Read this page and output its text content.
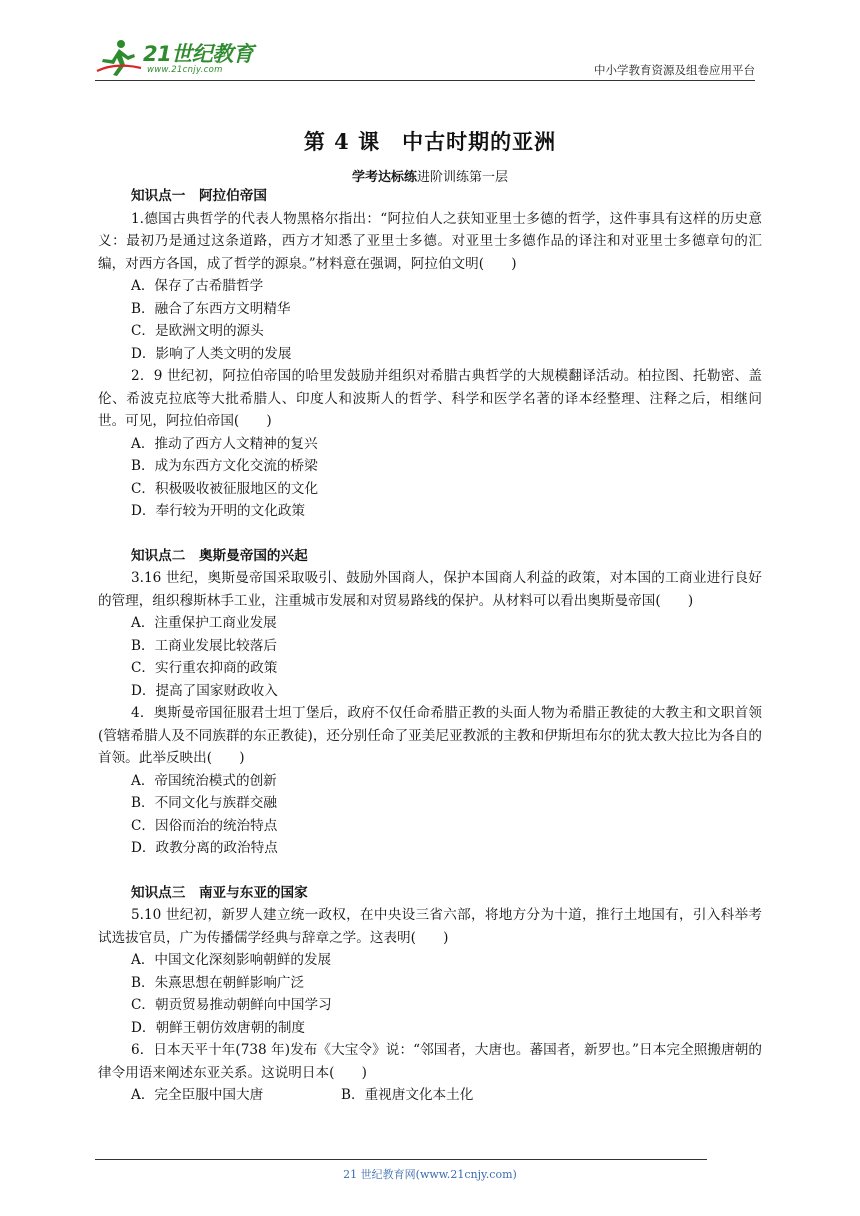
21世纪教育
www.21cnjy.com	中小学教育资源及组卷应用平台
第 4 课　中古时期的亚洲
学考达标练进阶训练第一层
知识点一　阿拉伯帝国
1.德国古典哲学的代表人物黑格尔指出：“阿拉伯人之获知亚里士多德的哲学，这件事具有这样的历史意义：最初乃是通过这条道路，西方才知悉了亚里士多德。对亚里士多德作品的译注和对亚里士多德章句的汇编，对西方各国，成了哲学的源泉。”材料意在强调，阿拉伯文明(　　)
A．保存了古希腊哲学
B．融合了东西方文明精华
C．是欧洲文明的源头
D．影响了人类文明的发展
2．9 世纪初，阿拉伯帝国的哈里发鼓励并组织对希腊古典哲学的大规模翻译活动。柏拉图、托勒密、盖伦、希波克拉底等大批希腊人、印度人和波斯人的哲学、科学和医学名著的译本经整理、注释之后，相继问世。可见，阿拉伯帝国(　　)
A．推动了西方人文精神的复兴
B．成为东西方文化交流的桥梁
C．积极吸收被征服地区的文化
D．奉行较为开明的文化政策
知识点二　奥斯曼帝国的兴起
3.16 世纪，奥斯曼帝国采取吸引、鼓励外国商人，保护本国商人利益的政策，对本国的工商业进行良好的管理，组织穆斯林手工业，注重城市发展和对贸易路线的保护。从材料可以看出奥斯曼帝国(　　)
A．注重保护工商业发展
B．工商业发展比较落后
C．实行重农抑商的政策
D．提高了国家财政收入
4．奥斯曼帝国征服君士坦丁堡后，政府不仅任命希腊正教的头面人物为希腊正教徒的大教主和文职首领(管辖希腊人及不同族群的东正教徒)，还分别任命了亚美尼亚教派的主教和伊斯坦布尔的犹太教大拉比为各自的首领。此举反映出(　　)
A．帝国统治模式的创新
B．不同文化与族群交融
C．因俗而治的统治特点
D．政教分离的政治特点
知识点三　南亚与东亚的国家
5.10 世纪初，新罗人建立统一政权，在中央设三省六部，将地方分为十道，推行土地国有，引入科举考试选拔官员，广为传播儒学经典与辞章之学。这表明(　　)
A．中国文化深刻影响朝鲜的发展
B．朱熹思想在朝鲜影响广泛
C．朝贡贸易推动朝鲜向中国学习
D．朝鲜王朝仿效唐朝的制度
6．日本天平十年(738 年)发布《大宝令》说：“邻国者，大唐也。蕃国者，新罗也。”日本完全照搬唐朝的律令用语来阐述东亚关系。这说明日本(　　)
A．完全臣服中国大唐	B．重视唐文化本土化
21 世纪教育网(www.21cnjy.com)
